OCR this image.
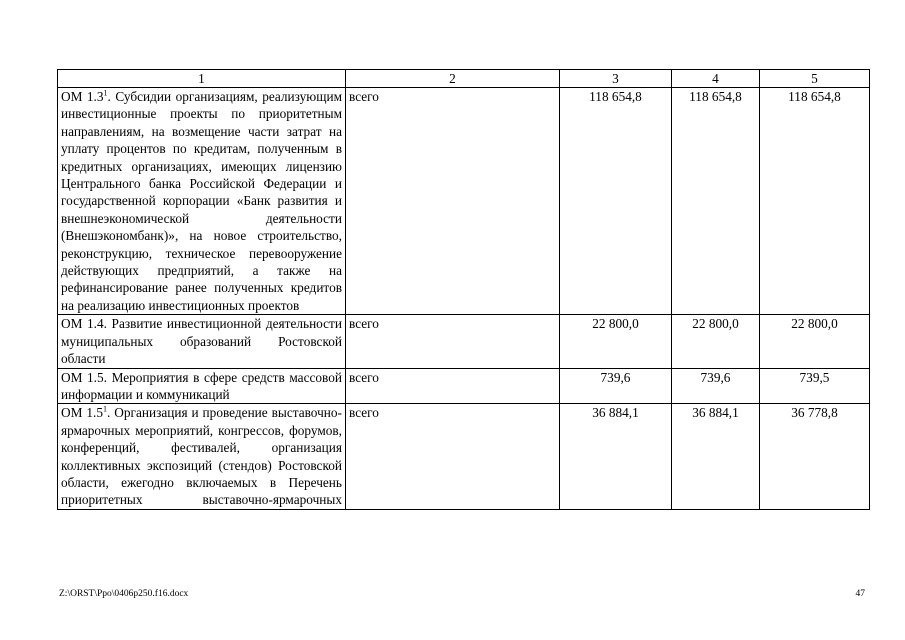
1	2	3	4	5
ОМ $1.3^1$. Субсидии организациям, реализующим инвестиционные проекты по приоритетным направлениям, на возмещение части затрат на уплату процентов по кредитам, полученным в кредитных организациях, имеющих лицензию Центрального банка Российской Федерации и государственной корпорации «Банк развития и внешнеэкономической деятельности (Внешэкономбанк)», на новое строительство, реконструкцию, техническое перевооружение действующих предприятий, а также на рефинансирование ранее полученных кредитов на реализацию инвестиционных проектов	всего	118 654,8	118 654,8	118 654,8
ОМ 1.4. Развитие инвестиционной деятельности муниципальных образований Ростовской области	всего	22 800,0	22 800,0	22 800,0
ОМ 1.5. Мероприятия в сфере средств массовой информации и коммуникаций	всего	739,6	739,6	739,5
ОМ $1.5^1$. Организация и проведение выставочно-ярмарочных мероприятий, конгрессов, форумов, конференций, фестивалей, организация коллективных экспозиций (стендов) Ростовской области, ежегодно включаемых в Перечень приоритетных выставочно-ярмарочных	всего	36 884,1	36 884,1	36 778,8
Z:\ORST\Ppo\0406p250.f16.docx	47
